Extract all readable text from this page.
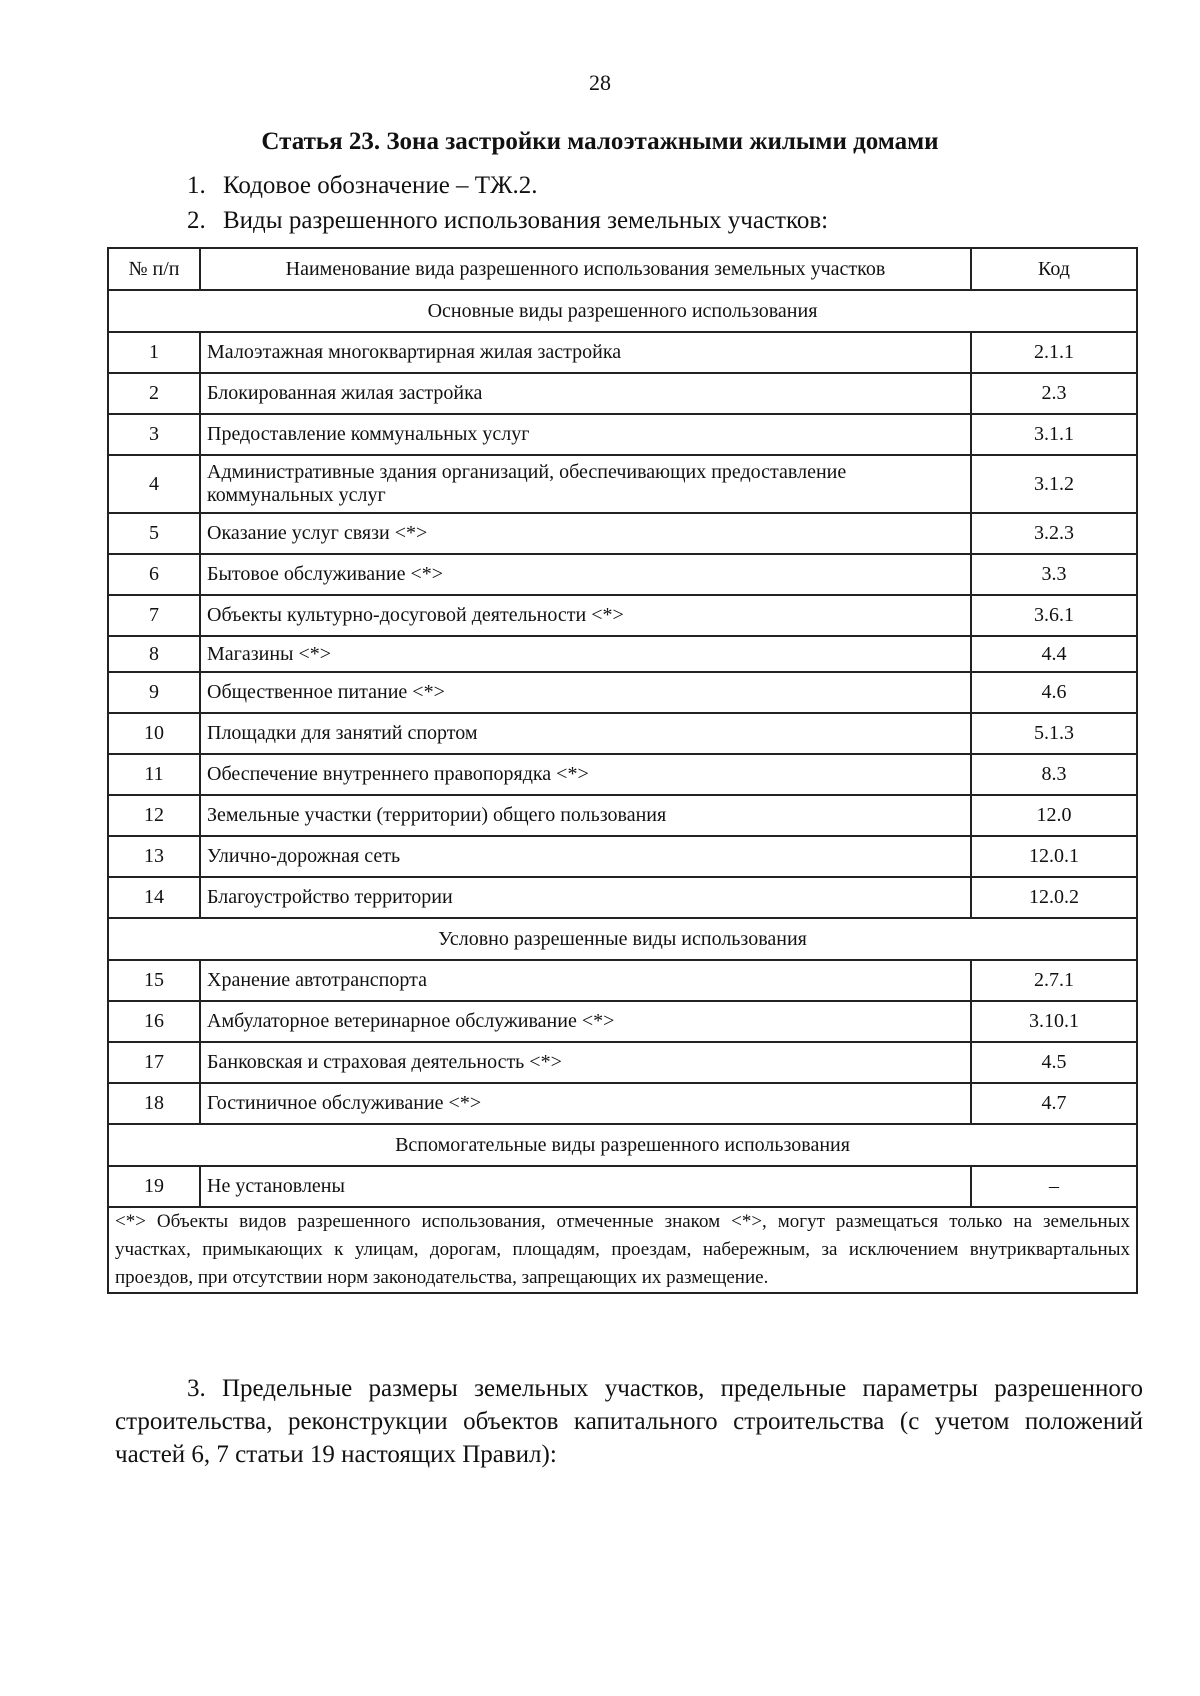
28
Статья 23. Зона застройки малоэтажными жилыми домами
1. Кодовое обозначение – ТЖ.2.
2. Виды разрешенного использования земельных участков:
№ п/п	Наименование вида разрешенного использования земельных участков	Код
Основные виды разрешенного использования		
1	Малоэтажная многоквартирная жилая застройка	2.1.1
2	Блокированная жилая застройка	2.3
3	Предоставление коммунальных услуг	3.1.1
4	Административные здания организаций, обеспечивающих предоставление коммунальных услуг	3.1.2
5	Оказание услуг связи <*>	3.2.3
6	Бытовое обслуживание <*>	3.3
7	Объекты культурно-досуговой деятельности <*>	3.6.1
8	Магазины <*>	4.4
9	Общественное питание <*>	4.6
10	Площадки для занятий спортом	5.1.3
11	Обеспечение внутреннего правопорядка <*>	8.3
12	Земельные участки (территории) общего пользования	12.0
13	Улично-дорожная сеть	12.0.1
14	Благоустройство территории	12.0.2
Условно разрешенные виды использования		
15	Хранение автотранспорта	2.7.1
16	Амбулаторное ветеринарное обслуживание <*>	3.10.1
17	Банковская и страховая деятельность <*>	4.5
18	Гостиничное обслуживание <*>	4.7
Вспомогательные виды разрешенного использования		
19	Не установлены	–
<*> Объекты видов разрешенного использования, отмеченные знаком <*>, могут размещаться только на земельных участках, примыкающих к улицам, дорогам, площадям, проездам, набережным, за исключением внутриквартальных проездов, при отсутствии норм законодательства, запрещающих их размещение.		
3. Предельные размеры земельных участков, предельные параметры разрешенного строительства, реконструкции объектов капитального строительства (с учетом положений частей 6, 7 статьи 19 настоящих Правил):
